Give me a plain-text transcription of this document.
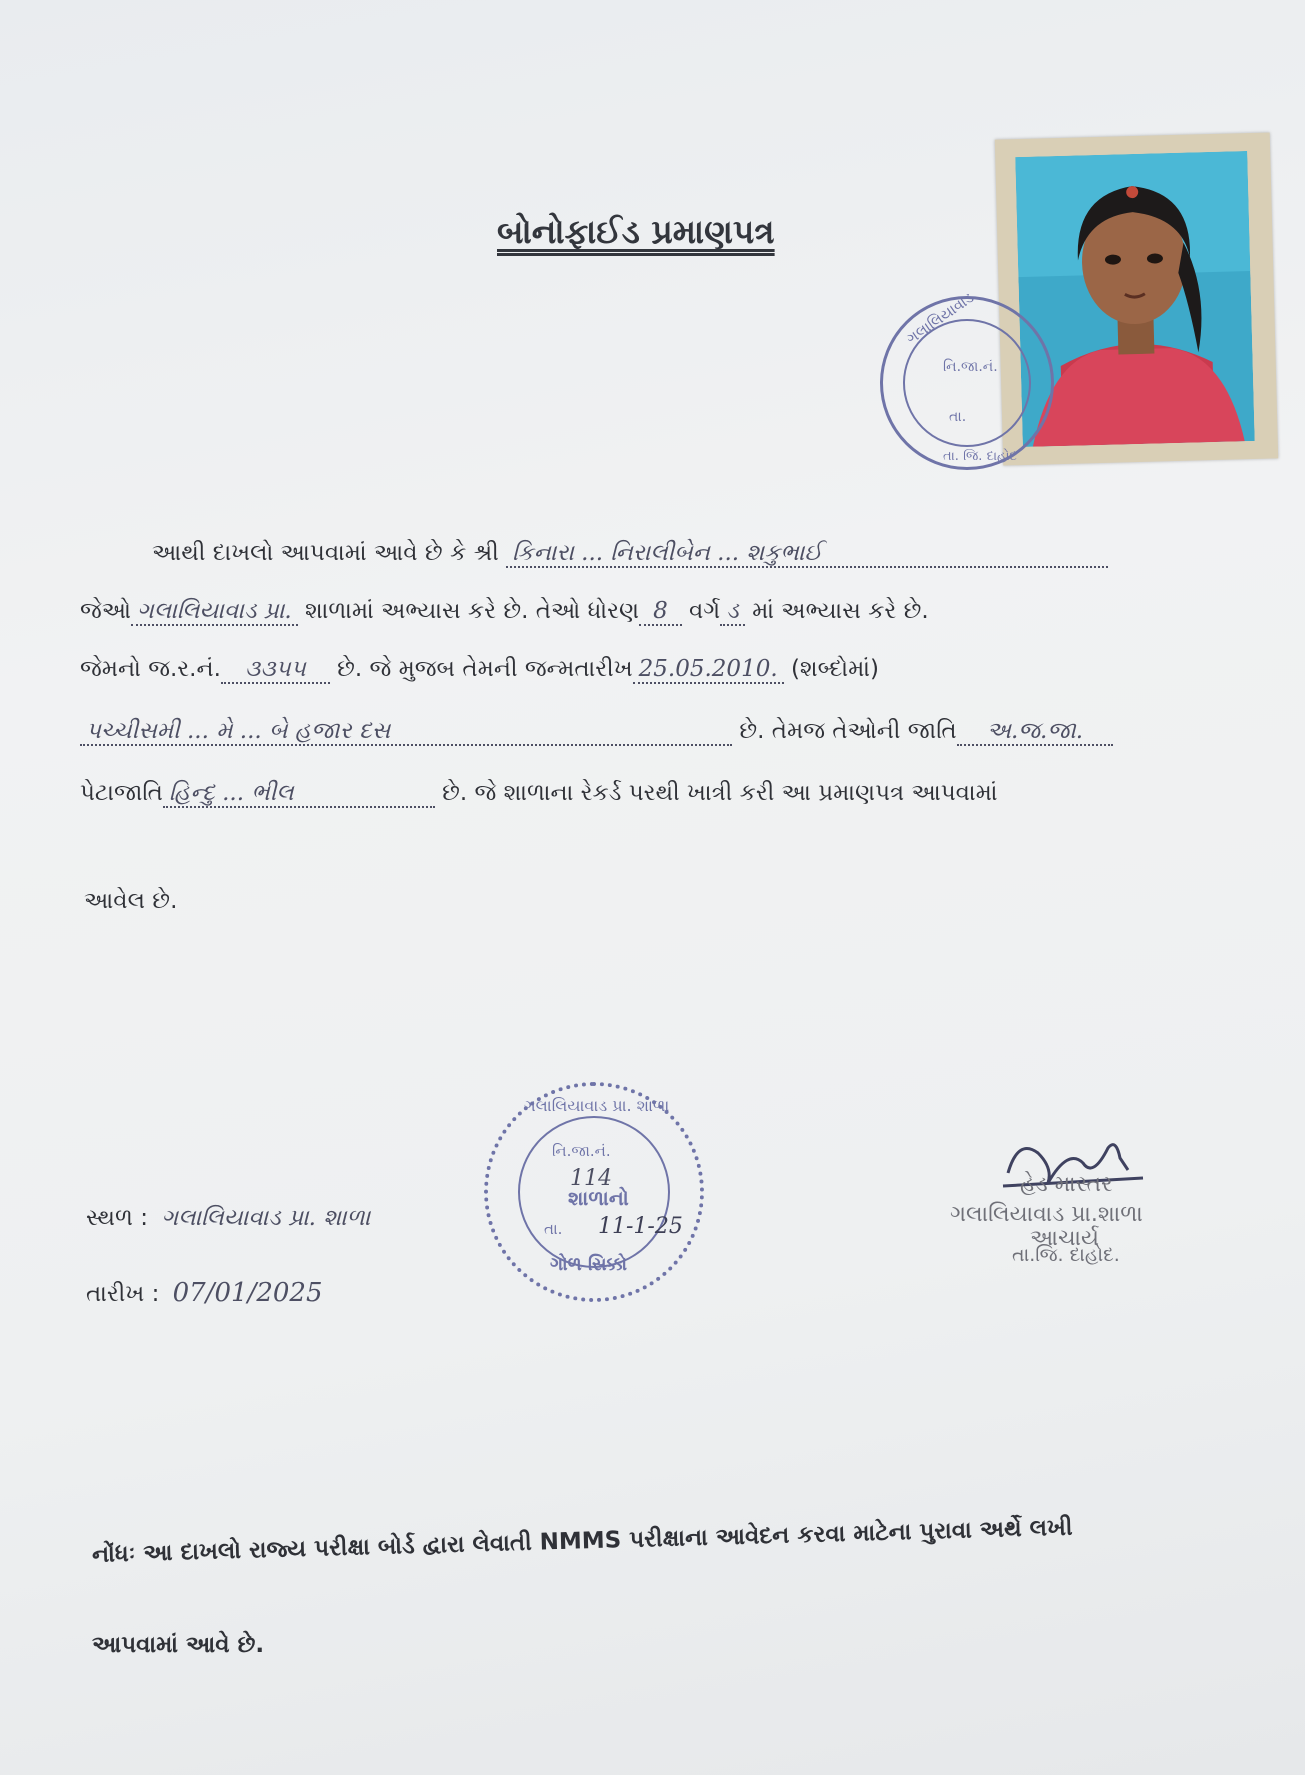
બોનોફાઈડ પ્રમાણપત્ર
ગલાલિયાવાડ
નિ.જા.નં.
તા.
તા. જિ. દાહોદ
આથી દાખલો આપવામાં આવે છે કે શ્રી કિનારા ... નિરાલીબેન ... શકુભાઈ
જેઓ ગલાલિયાવાડ પ્રા. શાળામાં અભ્યાસ કરે છે. તેઓ ધોરણ 8 વર્ગ ડ માં અભ્યાસ કરે છે.
જેમનો જ.ર.નં. ૩૩૫૫ છે. જે મુજબ તેમની જન્મતારીખ 25.05.2010. (શબ્દોમાં)
પચ્ચીસમી ... મે ... બે હજાર દસ	છે. તેમજ તેઓની જાતિ અ.જ.જા.
પેટાજાતિ હિન્દુ ... ભીલ	છે. જે શાળાના રેકર્ડ પરથી ખાત્રી કરી આ પ્રમાણપત્ર આપવામાં
આવેલ છે.
સ્થળ : ગલાલિયાવાડ પ્રા. શાળા
તારીખ : 07/01/2025
ગલાલિયાવાડ પ્રા. શાળા
નિ.જા.નં.
114
શાળાનો
તા. 11-1-25
ગોળ સિક્કો
હેડ માસ્તર
ગલાલિયાવાડ પ્રા.શાળા
આચાર્ય
તા.જિ. દાહોદ.
નોંધઃ આ દાખલો રાજ્ય પરીક્ષા બોર્ડ દ્વારા લેવાતી NMMS પરીક્ષાના આવેદન કરવા માટેના પુરાવા અર્થે લખી
આપવામાં આવે છે.
